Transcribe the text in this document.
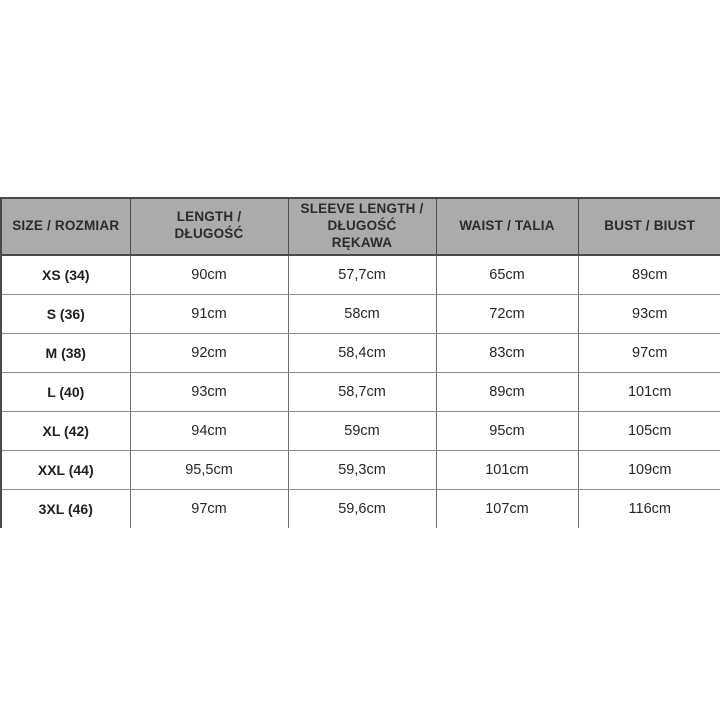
SIZE / ROZMIAR	LENGTH / DŁUGOŚĆ	SLEEVE LENGTH / DŁUGOŚĆ RĘKAWA	WAIST / TALIA	BUST / BIUST
XS (34)	90cm	57,7cm	65cm	89cm
S (36)	91cm	58cm	72cm	93cm
M (38)	92cm	58,4cm	83cm	97cm
L (40)	93cm	58,7cm	89cm	101cm
XL (42)	94cm	59cm	95cm	105cm
XXL (44)	95,5cm	59,3cm	101cm	109cm
3XL (46)	97cm	59,6cm	107cm	116cm
